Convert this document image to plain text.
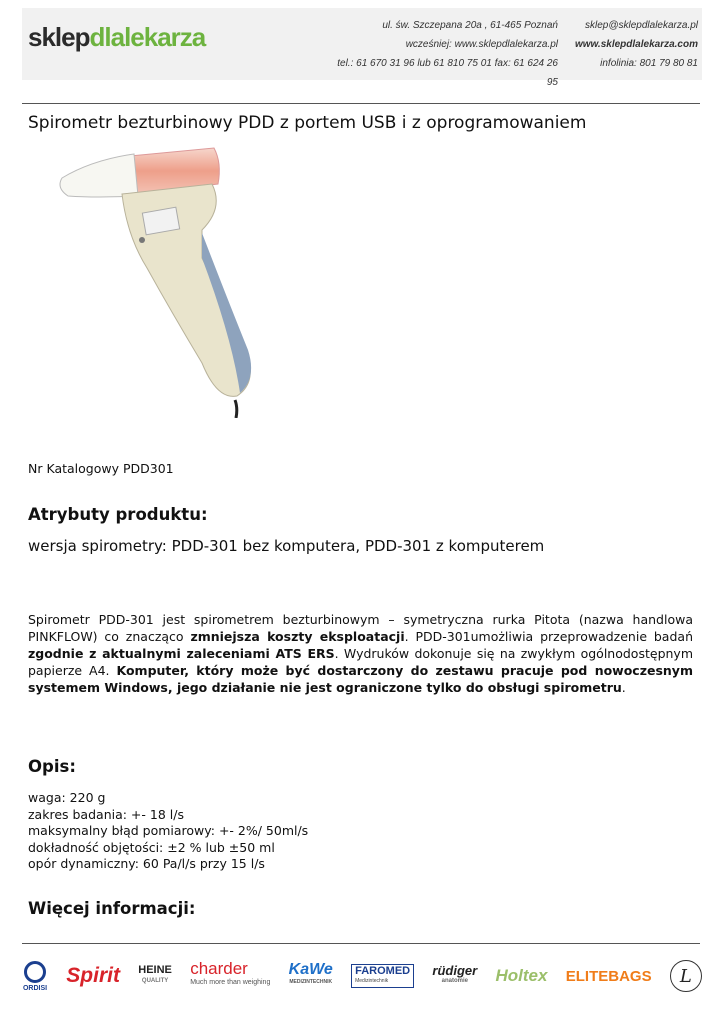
sklepdlalekarza	ul. św. Szczepana 20a , 61-465 Poznań
wcześniej: www.sklepdlalekarza.pl
tel.: 61 670 31 96 lub 61 810 75 01 fax: 61 624 26 95
sklep@sklepdlalekarza.pl
www.sklepdlalekarza.com
infolinia: 801 79 80 81
Spirometr bezturbinowy PDD z portem USB i z oprogramowaniem
Nr Katalogowy PDD301
Atrybuty produktu:
wersja spirometry: PDD-301 bez komputera, PDD-301 z komputerem

Spirometr PDD-301 jest spirometrem bezturbinowym – symetryczna rurka Pitota (nazwa handlowa PINKFLOW) co znacząco zmniejsza koszty eksploatacji. PDD-301umożliwia przeprowadzenie badań zgodnie z aktualnymi zaleceniami ATS ERS. Wydruków dokonuje się na zwykłym ogólnodostępnym papierze A4. Komputer, który może być dostarczony do zestawu pracuje pod nowoczesnym systemem Windows, jego działanie nie jest ograniczone tylko do obsługi spirometru.

Opis:
waga: 220 g
zakres badania: +- 18 l/s
maksymalny błąd pomiarowy: +- 2%/ 50ml/s
dokładność objętości: ±2 % lub ±50 ml
opór dynamiczny: 60 Pa/l/s przy 15 l/s
Więcej informacji:
ORDISI
Spirit HEINE
QUALITY
charder
Much more than weighing
KaWe
MEDIZINTECHNIK
FAROMED
Medizintechnik
rüdiger
anatomie	Holtex ELITEBAGS	L
